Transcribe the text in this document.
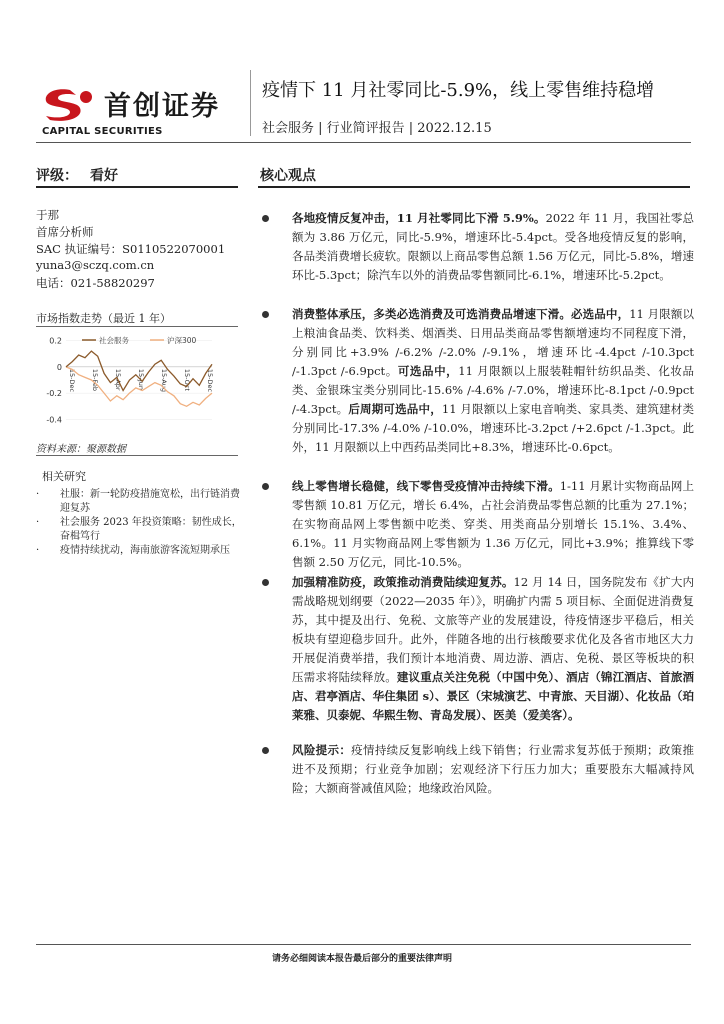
首创证券
CAPITAL SECURITIES
疫情下 11 月社零同比-5.9%，线上零售维持稳增
社会服务 | 行业简评报告 | 2022.12.15
评级： 看好	核心观点
于那
首席分析师
SAC 执证编号：S0110522070001
yuna3@sczq.com.cn
电话：021-58820297
市场指数走势（最近 1 年）
0.2
0
-0.2
-0.4
15-Dec 15-Feb 15-Apr 15-Jun 15-Aug 15-Oct 15-Dec
社会服务	沪深300
资料来源：聚源数据
相关研究
· 社服：新一轮防疫措施宽松，出行链消费迎复苏
· 社会服务 2023 年投资策略：韧性成长，奋楫笃行
· 疫情持续扰动，海南旅游客流短期承压
各地疫情反复冲击，11 月社零同比下滑 5.9%。2022 年 11 月，我国社零总额为 3.86 万亿元，同比-5.9%，增速环比-5.4pct。受各地疫情反复的影响，各品类消费增长疲软。限额以上商品零售总额 1.56 万亿元，同比-5.8%，增速环比-5.3pct；除汽车以外的消费品零售额同比-6.1%，增速环比-5.2pct。
消费整体承压，多类必选消费及可选消费品增速下滑。必选品中，11 月限额以上粮油食品类、饮料类、烟酒类、日用品类商品零售额增速均不同程度下滑，分别同比+3.9% /-6.2% /-2.0% /-9.1%，增速环比-4.4pct /-10.3pct /-1.3pct /-6.9pct。可选品中，11 月限额以上服装鞋帽针纺织品类、化妆品类、金银珠宝类分别同比-15.6% /-4.6% /-7.0%，增速环比-8.1pct /-0.9pct /-4.3pct。后周期可选品中，11 月限额以上家电音响类、家具类、建筑建材类分别同比-17.3% /-4.0% /-10.0%，增速环比-3.2pct /+2.6pct /-1.3pct。此外，11 月限额以上中西药品类同比+8.3%，增速环比-0.6pct。
线上零售增长稳健，线下零售受疫情冲击持续下滑。1-11 月累计实物商品网上零售额 10.81 万亿元，增长 6.4%，占社会消费品零售总额的比重为 27.1%；在实物商品网上零售额中吃类、穿类、用类商品分别增长 15.1%、3.4%、6.1%。11 月实物商品网上零售额为 1.36 万亿元，同比+3.9%；推算线下零售额 2.50 万亿元，同比-10.5%。
加强精准防疫，政策推动消费陆续迎复苏。12 月 14 日，国务院发布《扩大内需战略规划纲要（2022—2035 年）》，明确扩内需 5 项目标、全面促进消费复苏，其中提及出行、免税、文旅等产业的发展建设，待疫情逐步平稳后，相关板块有望迎稳步回升。此外，伴随各地的出行核酸要求优化及各省市地区大力开展促消费举措，我们预计本地消费、周边游、酒店、免税、景区等板块的积压需求将陆续释放。建议重点关注免税（中国中免）、酒店（锦江酒店、首旅酒店、君亭酒店、华住集团 s）、景区（宋城演艺、中青旅、天目湖）、化妆品（珀莱雅、贝泰妮、华熙生物、青岛发展）、医美（爱美客）。
风险提示：疫情持续反复影响线上线下销售；行业需求复苏低于预期；政策推进不及预期；行业竞争加剧；宏观经济下行压力加大；重要股东大幅减持风险；大额商誉减值风险；地缘政治风险。
请务必细阅读本报告最后部分的重要法律声明
